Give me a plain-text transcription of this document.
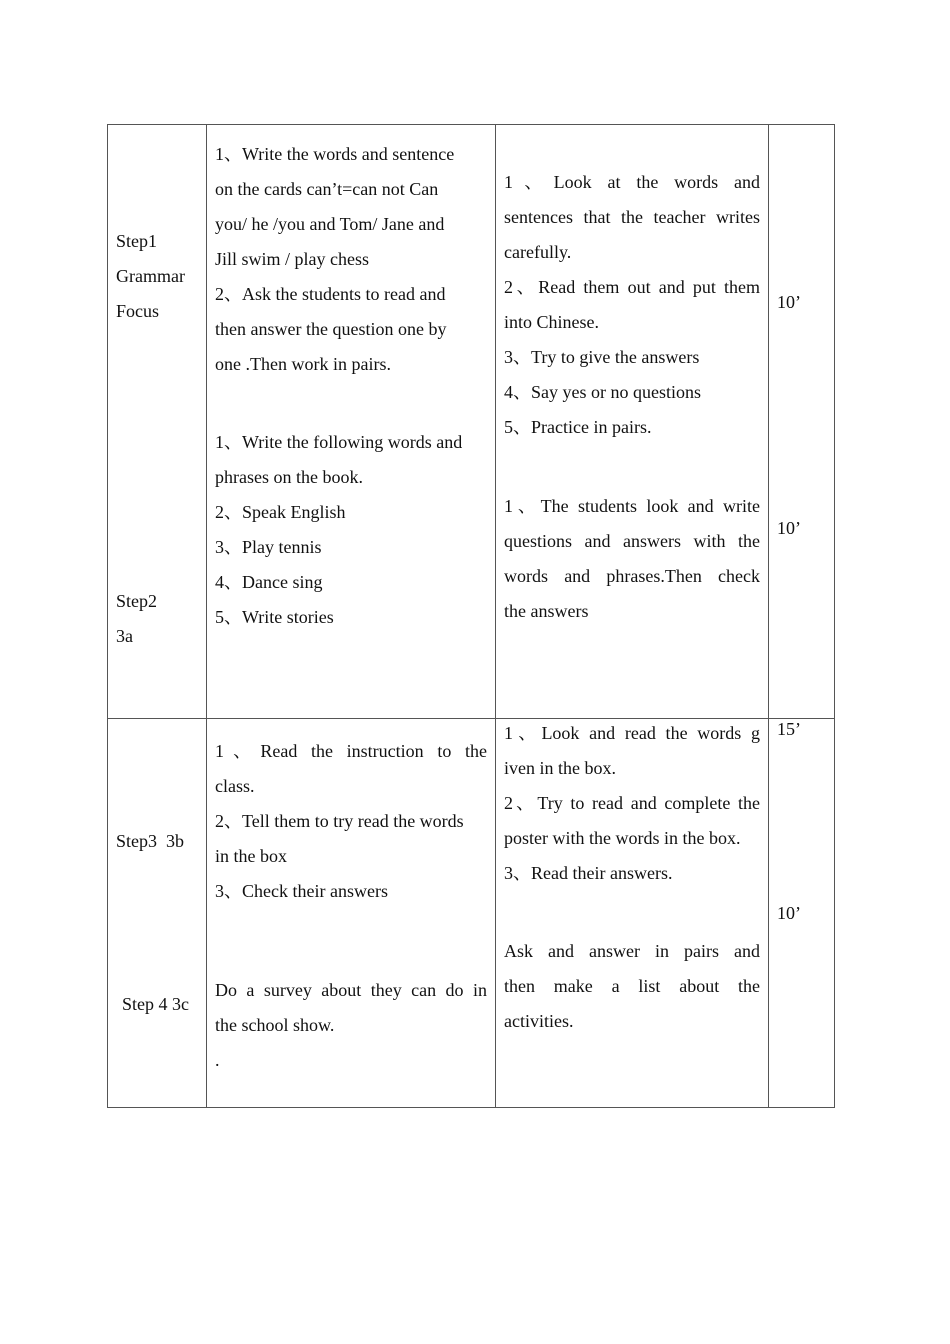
Step1
Grammar
Focus
1、Write the words and sentence
on the cards can’t=can not Can
you/ he /you and Tom/ Jane and
Jill swim / play chess
2、Ask the students to read and
then answer the question one by
one .Then work in pairs.
1、Look at the words and
sentences that the teacher writes
carefully.
2、Read them out and put them
into Chinese.
3、Try to give the answers
4、Say yes or no questions
5、Practice in pairs.
10’
Step2
3a
1、Write the following words and
phrases on the book.
2、Speak English
3、Play tennis
4、Dance sing
5、Write stories
1、The students look and write
questions and answers with the
words and phrases.Then check
the answers
10’
Step3  3b
1、Read the instruction to the
class.
2、Tell them to try read the words
in the box
3、Check their answers
1、Look and read the words g
iven in the box.
2、Try to read and complete the
poster with the words in the box.
3、Read their answers.
15’
Step 4 3c
Do a survey about they can do in
the school show.
.
Ask and answer in pairs and
then make a list about the
activities.
10’
